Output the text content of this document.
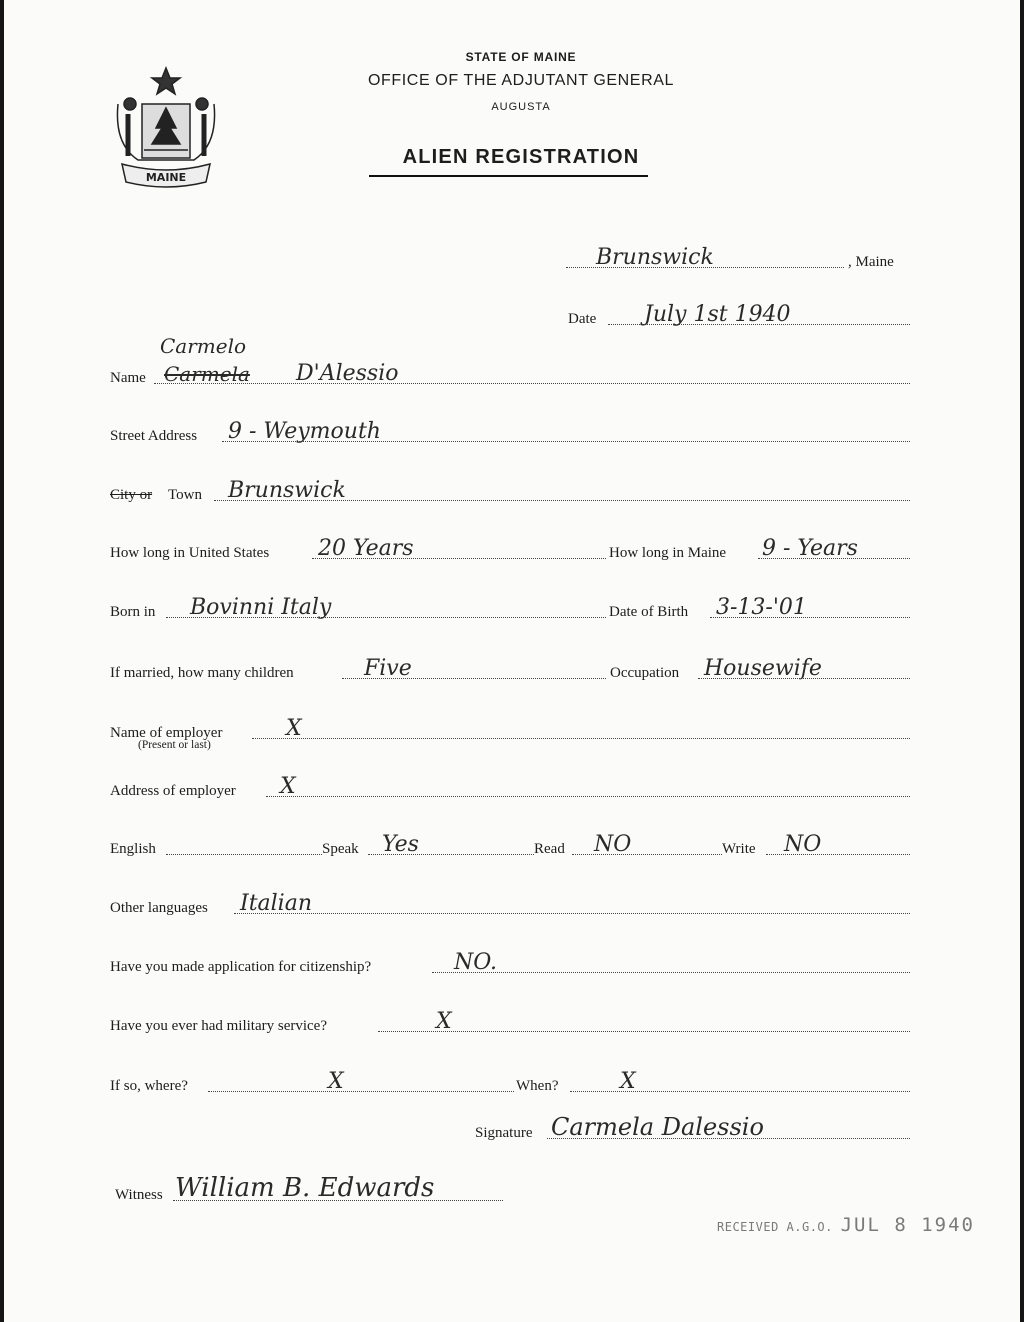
MAINE
STATE OF MAINE
OFFICE OF THE ADJUTANT GENERAL
AUGUSTA
ALIEN REGISTRATION
Brunswick	, Maine
Date July 1st 1940
Carmelo
Name Carmela D'Alessio
Street Address 9 - Weymouth
City or Town Brunswick
How long in United States 20 Years	How long in Maine 9 - Years
Born in Bovinni Italy	Date of Birth 3-13-'01
If married, how many children	Five	Occupation Housewife
Name of employer	X
(Present or last)
Address of employer X
English	Speak Yes	Read NO	Write NO
Other languages Italian
Have you made application for citizenship?	NO.
Have you ever had military service?	X
If so, where?	X	When?	X
Signature Carmela Dalessio
Witness William B. Edwards
RECEIVED A.G.O. JUL 8 1940
